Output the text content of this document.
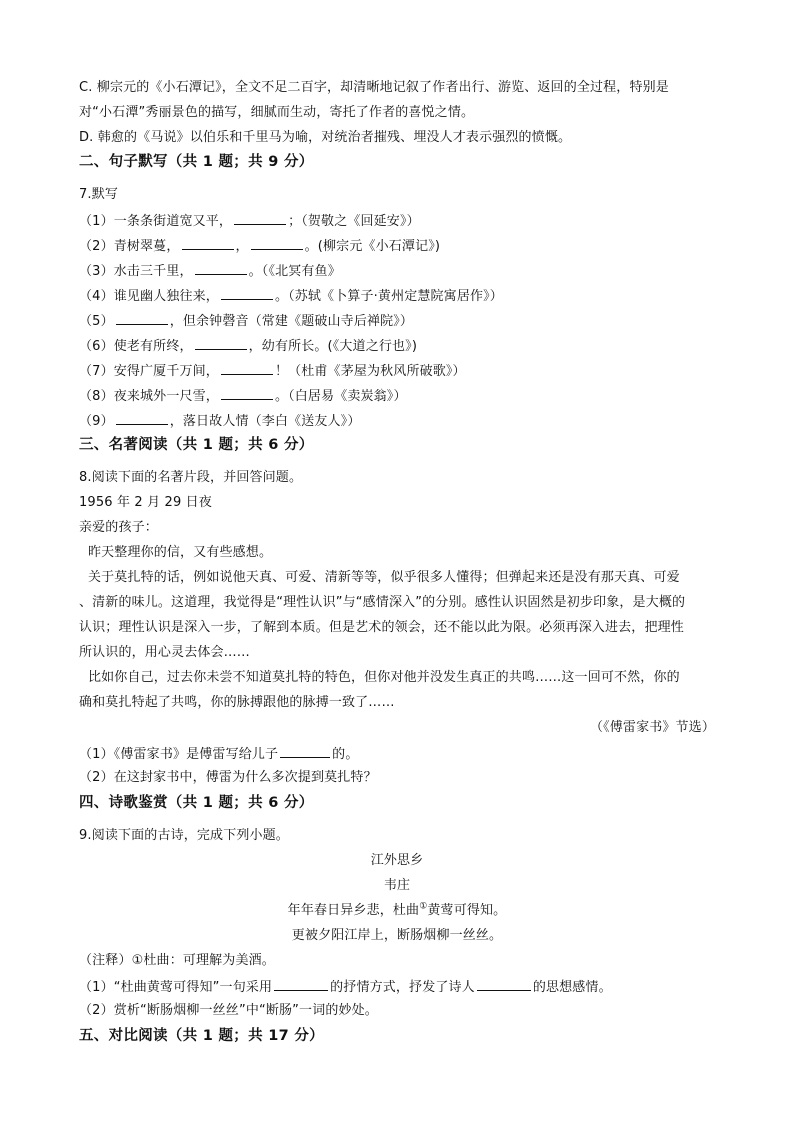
C. 柳宗元的《小石潭记》，全文不足二百字，却清晰地记叙了作者出行、游览、返回的全过程，特别是
对“小石潭”秀丽景色的描写，细腻而生动，寄托了作者的喜悦之情。
D. 韩愈的《马说》以伯乐和千里马为喻，对统治者摧残、埋没人才表示强烈的愤慨。
二、句子默写（共 1 题；共 9 分）
7.默写
（1）一条条街道宽又平，	；（贺敬之《回延安》）
（2）青树翠蔓，	，	。(柳宗元《小石潭记》)
（3）水击三千里，	。（《北冥有鱼》
（4）谁见幽人独往来，	。（苏轼《卜算子·黄州定慧院寓居作》）
（5）	，但余钟磬音（常建《题破山寺后禅院》）
（6）使老有所终，	，幼有所长。(《大道之行也》)
（7）安得广厦千万间，	！（杜甫《茅屋为秋风所破歌》）
（8）夜来城外一尺雪，	。（白居易《卖炭翁》）
（9）	，落日故人情（李白《送友人》）
三、名著阅读（共 1 题；共 6 分）
8.阅读下面的名著片段，并回答问题。
1956 年 2 月 29 日夜
亲爱的孩子：
昨天整理你的信，又有些感想。
关于莫扎特的话，例如说他天真、可爱、清新等等，似乎很多人懂得；但弹起来还是没有那天真、可爱
、清新的味儿。这道理，我觉得是“理性认识”与“感情深入”的分别。感性认识固然是初步印象，是大概的
认识；理性认识是深入一步，了解到本质。但是艺术的领会，还不能以此为限。必须再深入进去，把理性
所认识的，用心灵去体会……
比如你自己，过去你未尝不知道莫扎特的特色，但你对他并没发生真正的共鸣……这一回可不然，你的
确和莫扎特起了共鸣，你的脉搏跟他的脉搏一致了……
（《傅雷家书》节选）
（1）《傅雷家书》是傅雷写给儿子	的。
（2）在这封家书中，傅雷为什么多次提到莫扎特？
四、诗歌鉴赏（共 1 题；共 6 分）
9.阅读下面的古诗，完成下列小题。
江外思乡
韦庄
年年春日异乡悲，杜曲①黄莺可得知。
更被夕阳江岸上，断肠烟柳一丝丝。
（注释）①杜曲：可理解为美酒。
（1）“杜曲黄莺可得知”一句采用	的抒情方式，抒发了诗人	的思想感情。
（2）赏析“断肠烟柳一丝丝”中“断肠”一词的妙处。
五、对比阅读（共 1 题；共 17 分）
